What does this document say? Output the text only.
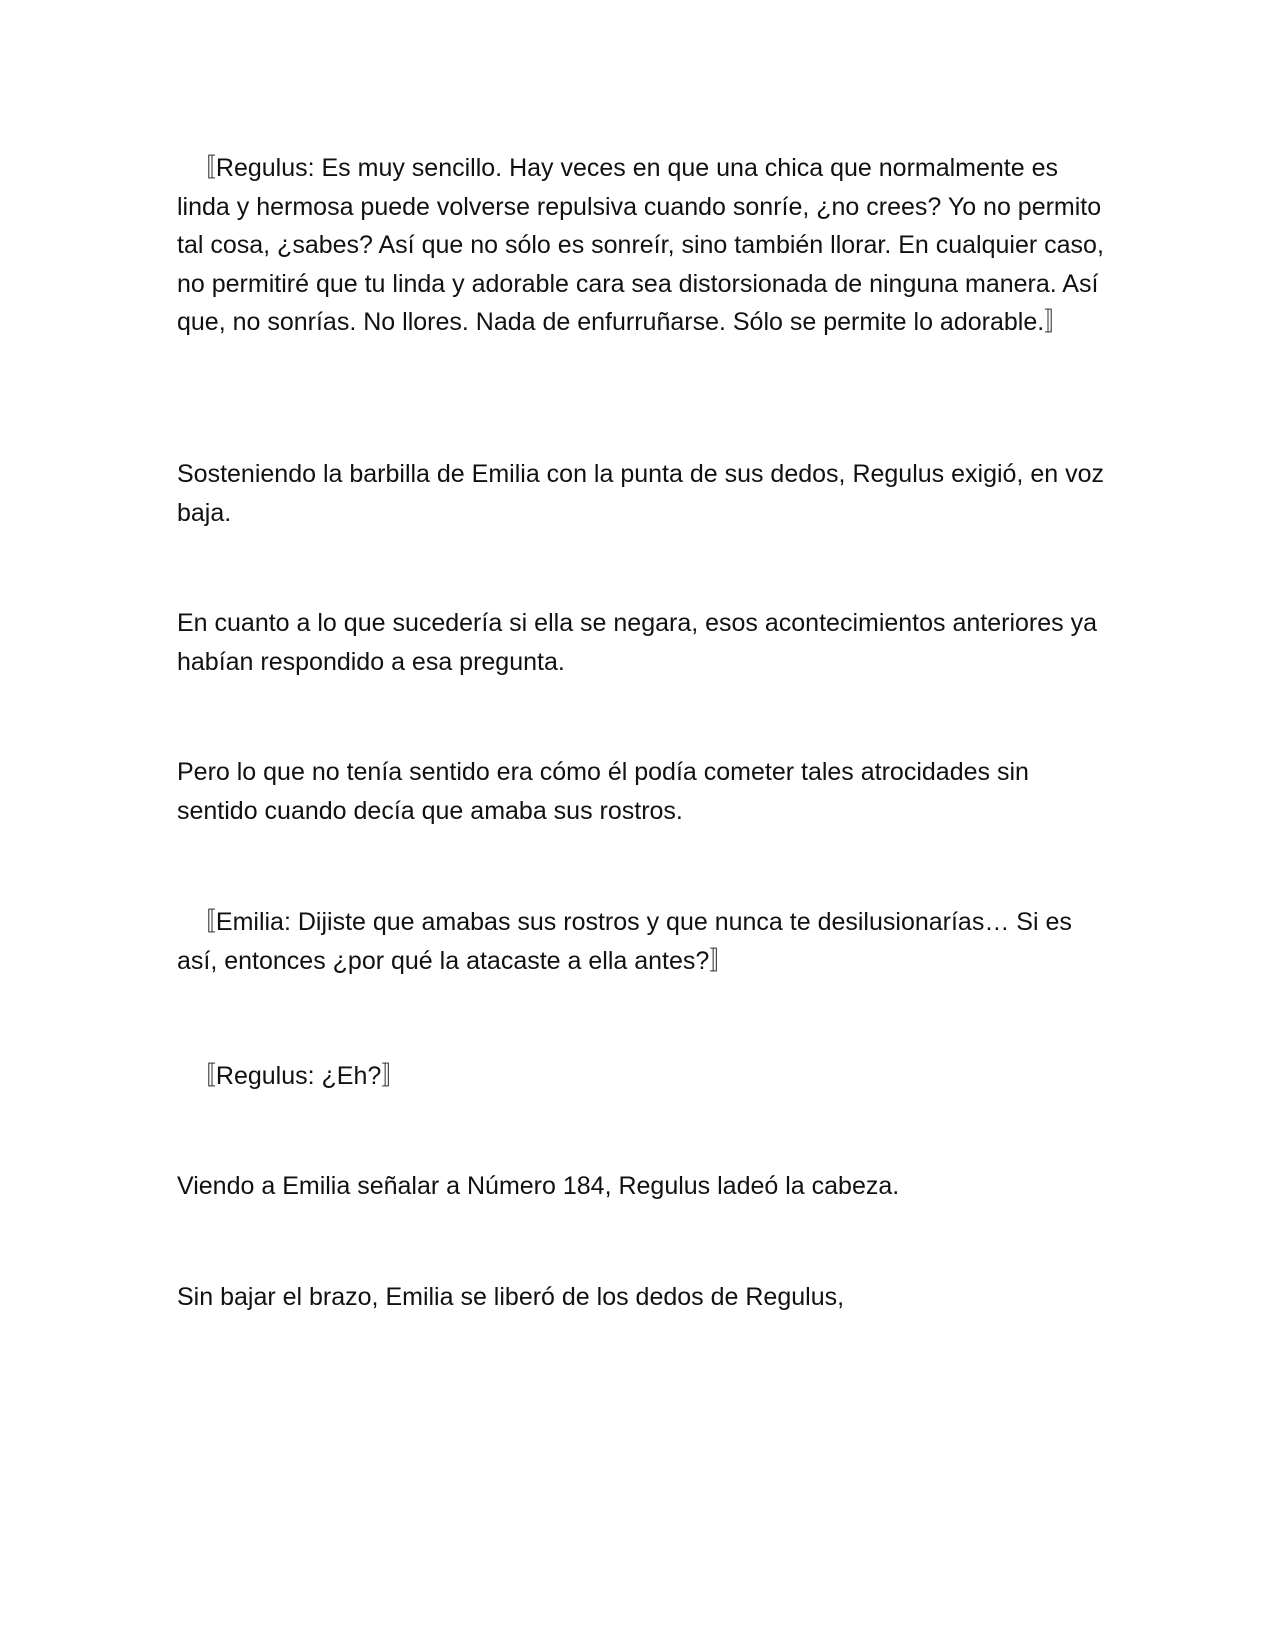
〚Regulus: Es muy sencillo. Hay veces en que una chica que normalmente es linda y hermosa puede volverse repulsiva cuando sonríe, ¿no crees? Yo no permito tal cosa, ¿sabes? Así que no sólo es sonreír, sino también llorar. En cualquier caso, no permitiré que tu linda y adorable cara sea distorsionada de ninguna manera. Así que, no sonrías. No llores. Nada de enfurruñarse. Sólo se permite lo adorable.〛

Sosteniendo la barbilla de Emilia con la punta de sus dedos, Regulus exigió, en voz baja.

En cuanto a lo que sucedería si ella se negara, esos acontecimientos anteriores ya habían respondido a esa pregunta.

Pero lo que no tenía sentido era cómo él podía cometer tales atrocidades sin sentido cuando decía que amaba sus rostros.

〚Emilia: Dijiste que amabas sus rostros y que nunca te desilusionarías… Si es así, entonces ¿por qué la atacaste a ella antes?〛

〚Regulus: ¿Eh?〛

Viendo a Emilia señalar a Número 184, Regulus ladeó la cabeza.

Sin bajar el brazo, Emilia se liberó de los dedos de Regulus,
